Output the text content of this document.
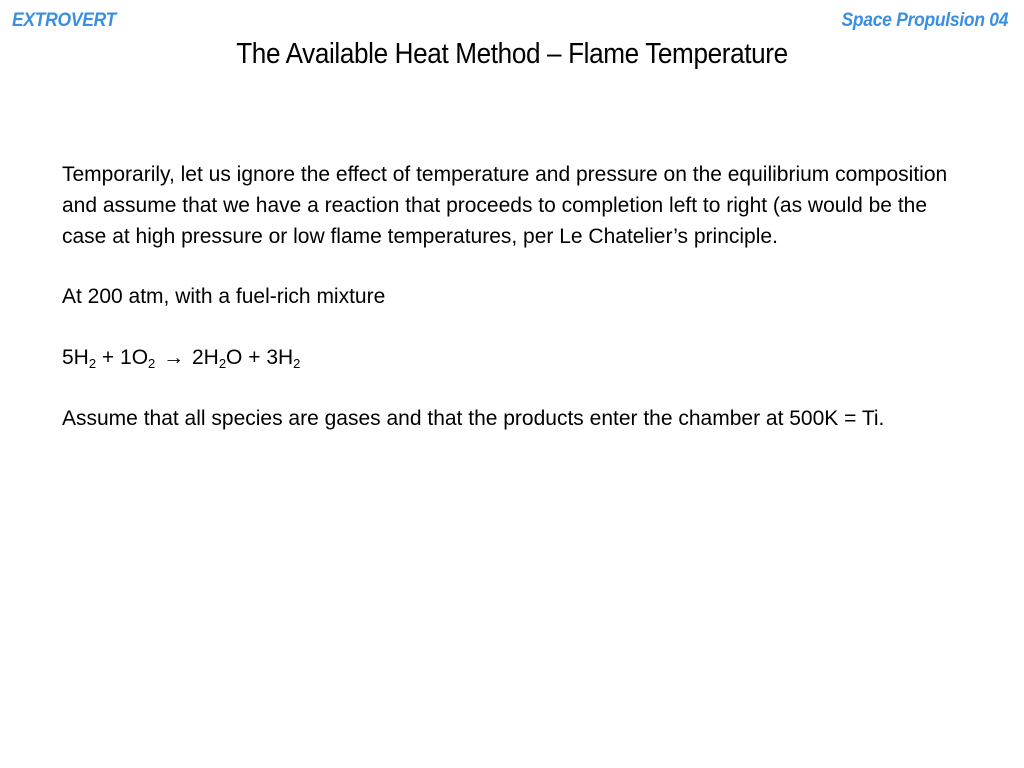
EXTROVERT	Space Propulsion 04
The Available Heat Method – Flame Temperature

Temporarily, let us ignore the effect of temperature and pressure on the equilibrium composition and assume that we have a reaction that proceeds to completion left to right (as would be the case at high pressure or low flame temperatures, per Le Chatelier’s principle.

At 200 atm, with a fuel-rich mixture

$5H_2 + 1O_2 \to 2H_2O + 3H_2$

Assume that all species are gases and that the products enter the chamber at 500K = Ti.
